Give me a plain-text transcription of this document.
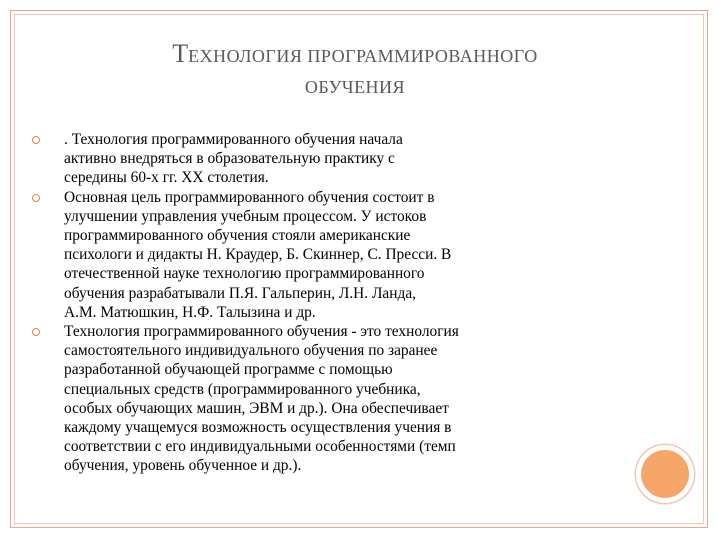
ТЕХНОЛОГИЯ ПРОГРАММИРОВАННОГО
ОБУЧЕНИЯ
. Технология программированного обучения начала
активно внедряться в образовательную практику с
середины 60-х гг. XX столетия.
Основная цель программированного обучения состоит в
улучшении управления учебным процессом. У истоков
программированного обучения стояли американские
психологи и дидакты Н. Краудер, Б. Скиннер, С. Пресси. В
отечественной науке технологию программированного
обучения разрабатывали П.Я. Гальперин, Л.Н. Ланда,
А.М. Матюшкин, Н.Ф. Талызина и др.
Технология программированного обучения - это технология
самостоятельного индивидуального обучения по заранее
разработанной обучающей программе с помощью
специальных средств (программированного учебника,
особых обучающих машин, ЭВМ и др.). Она обеспечивает
каждому учащемуся возможность осуществления учения в
соответствии с его индивидуальными особенностями (темп
обучения, уровень обученное и др.).
